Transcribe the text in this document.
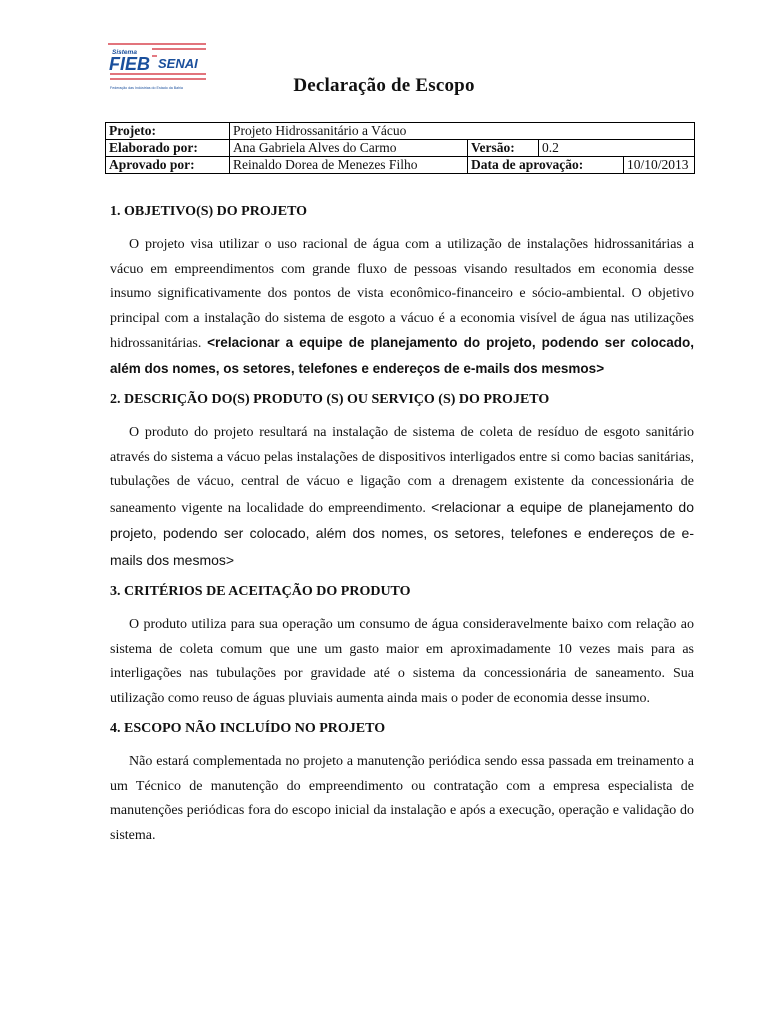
Sistema
FIEB SENAI
Federação das Indústrias do Estado da Bahia	Declaração de Escopo
Projeto:	Projeto Hidrossanitário a Vácuo			
Elaborado por:	Ana Gabriela Alves do Carmo	Versão:	0.2	
Aprovado por:	Reinaldo Dorea de Menezes Filho	Data de aprovação:		10/10/2013
1. OBJETIVO(S) DO PROJETO

O projeto visa utilizar o uso racional de água com a utilização de instalações hidrossanitárias a vácuo em empreendimentos com grande fluxo de pessoas visando resultados em economia desse insumo significativamente dos pontos de vista econômico-financeiro e sócio-ambiental. O objetivo principal com a instalação do sistema de esgoto a vácuo é a economia visível de água nas utilizações hidrossanitárias. <relacionar a equipe de planejamento do projeto, podendo ser colocado, além dos nomes, os setores, telefones e endereços de e-mails dos mesmos>

2. DESCRIÇÃO DO(S) PRODUTO (S) OU SERVIÇO (S) DO PROJETO

O produto do projeto resultará na instalação de sistema de coleta de resíduo de esgoto sanitário através do sistema a vácuo pelas instalações de dispositivos interligados entre si como bacias sanitárias, tubulações de vácuo, central de vácuo e ligação com a drenagem existente da concessionária de saneamento vigente na localidade do empreendimento. <relacionar a equipe de planejamento do projeto, podendo ser colocado, além dos nomes, os setores, telefones e endereços de e-mails dos mesmos>

3. CRITÉRIOS DE ACEITAÇÃO DO PRODUTO

O produto utiliza para sua operação um consumo de água consideravelmente baixo com relação ao sistema de coleta comum que une um gasto maior em aproximadamente 10 vezes mais para as interligações nas tubulações por gravidade até o sistema da concessionária de saneamento. Sua utilização como reuso de águas pluviais aumenta ainda mais o poder de economia desse insumo.

4. ESCOPO NÃO INCLUÍDO NO PROJETO

Não estará complementada no projeto a manutenção periódica sendo essa passada em treinamento a um Técnico de manutenção do empreendimento ou contratação com a empresa especialista de manutenções periódicas fora do escopo inicial da instalação e após a execução, operação e validação do sistema.
